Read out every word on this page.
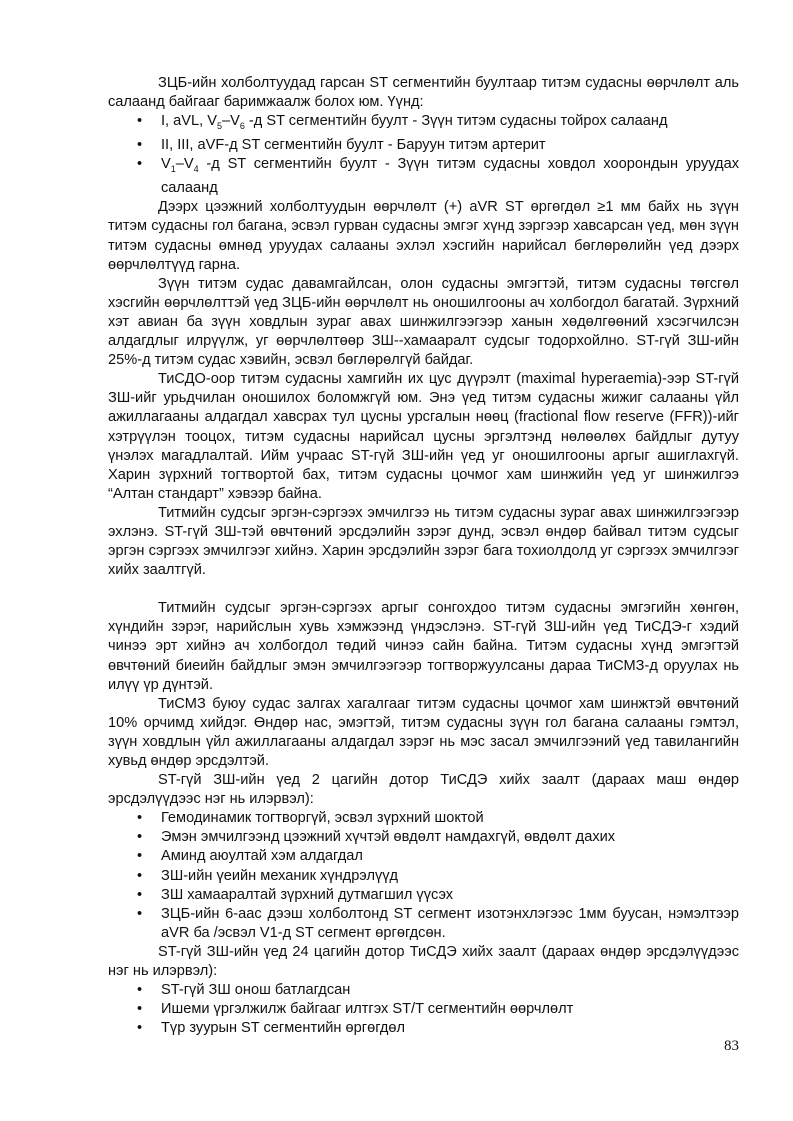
ЗЦБ-ийн холболтуудад гарсан ST сегментийн буултаар титэм судасны өөрчлөлт аль салаанд байгааг баримжаалж болох юм. Үүнд:

• I, aVL, $V_5-V_6$ -д ST сегментийн буулт - Зүүн титэм судасны тойрох салаанд
• II, III, aVF-д ST сегментийн буулт - Баруун титэм артерит
• $V_1-V_4$ -д ST сегментийн буулт - Зүүн титэм судасны ховдол хоорондын уруудах салаанд

Дээрх цээжний холболтуудын өөрчлөлт (+) aVR ST өргөгдөл ≥1 мм байх нь зүүн титэм судасны гол багана, эсвэл гурван судасны эмгэг хүнд зэргээр хавсарсан үед, мөн зүүн титэм судасны өмнөд уруудах салааны эхлэл хэсгийн нарийсал бөглөрөлийн үед дээрх өөрчлөлтүүд гарна.

Зүүн титэм судас давамгайлсан, олон судасны эмгэгтэй, титэм судасны төгсгөл хэсгийн өөрчлөлттэй үед ЗЦБ-ийн өөрчлөлт нь оношилгооны ач холбогдол багатай. Зүрхний хэт авиан ба зүүн ховдлын зураг авах шинжилгээгээр ханын хөдөлгөөний хэсэгчилсэн алдагдлыг илрүүлж, уг өөрчлөлтөөр ЗШ--хамааралт судсыг тодорхойлно. ST-гүй ЗШ-ийн 25%-д титэм судас хэвийн, эсвэл бөглөрөлгүй байдаг.

ТиСДО-оор титэм судасны хамгийн их цус дүүрэлт (maximal hyperaemia)-ээр ST-гүй ЗШ-ийг урьдчилан оношилох боломжгүй юм. Энэ үед титэм судасны жижиг салааны үйл ажиллагааны алдагдал хавсрах тул цусны урсгалын нөөц (fractional flow reserve (FFR))-ийг хэтрүүлэн тооцох, титэм судасны нарийсал цусны эргэлтэнд нөлөөлөх байдлыг дутуу үнэлэх магадлалтай. Ийм учраас ST-гүй ЗШ-ийн үед уг оношилгооны аргыг ашиглахгүй. Харин зүрхний тогтвортой бах, титэм судасны цочмог хам шинжийн үед уг шинжилгээ “Алтан стандарт” хэвээр байна.

Титмийн судсыг эргэн-сэргээх эмчилгээ нь титэм судасны зураг авах шинжилгээгээр эхлэнэ. ST-гүй ЗШ-тэй өвчтөний эрсдэлийн зэрэг дунд, эсвэл өндөр байвал титэм судсыг эргэн сэргээх эмчилгээг хийнэ. Харин эрсдэлийн зэрэг бага тохиолдолд уг сэргээх эмчилгээг хийх заалтгүй.

Титмийн судсыг эргэн-сэргээх аргыг сонгохдоо титэм судасны эмгэгийн хөнгөн, хүндийн зэрэг, нарийслын хувь хэмжээнд үндэслэнэ. ST-гүй ЗШ-ийн үед ТиСДЭ-г хэдий чинээ эрт хийнэ ач холбогдол төдий чинээ сайн байна. Титэм судасны хүнд эмгэгтэй өвчтөний биеийн байдлыг эмэн эмчилгээгээр тогтворжуулсаны дараа ТиСМЗ-д оруулах нь илүү үр дүнтэй.

ТиСМЗ буюу судас залгах хагалгааг титэм судасны цочмог хам шинжтэй өвчтөний 10% орчимд хийдэг. Өндөр нас, эмэгтэй, титэм судасны зүүн гол багана салааны гэмтэл, зүүн ховдлын үйл ажиллагааны алдагдал зэрэг нь мэс засал эмчилгээний үед тавилангийн хувьд өндөр эрсдэлтэй.

ST-гүй ЗШ-ийн үед 2 цагийн дотор ТиСДЭ хийх заалт (дараах маш өндөр эрсдэлүүдээс нэг нь илэрвэл):

• Гемодинамик тогтворгүй, эсвэл зүрхний шоктой
• Эмэн эмчилгээнд цээжний хүчтэй өвдөлт намдахгүй, өвдөлт дахих
• Аминд аюултай хэм алдагдал
• ЗШ-ийн үеийн механик хүндрэлүүд
• ЗШ хамааралтай зүрхний дутмагшил үүсэх
• ЗЦБ-ийн 6-аас дээш холболтонд ST сегмент изотэнхлэгээс 1мм буусан, нэмэлтээр aVR ба /эсвэл V1-д ST сегмент өргөгдсөн.

ST-гүй ЗШ-ийн үед 24 цагийн дотор ТиСДЭ хийх заалт (дараах өндөр эрсдэлүүдээс нэг нь илэрвэл):

• ST-гүй ЗШ онош батлагдсан
• Ишеми үргэлжилж байгааг илтгэх ST/T сегментийн өөрчлөлт
• Түр зуурын ST сегментийн өргөгдөл
83
